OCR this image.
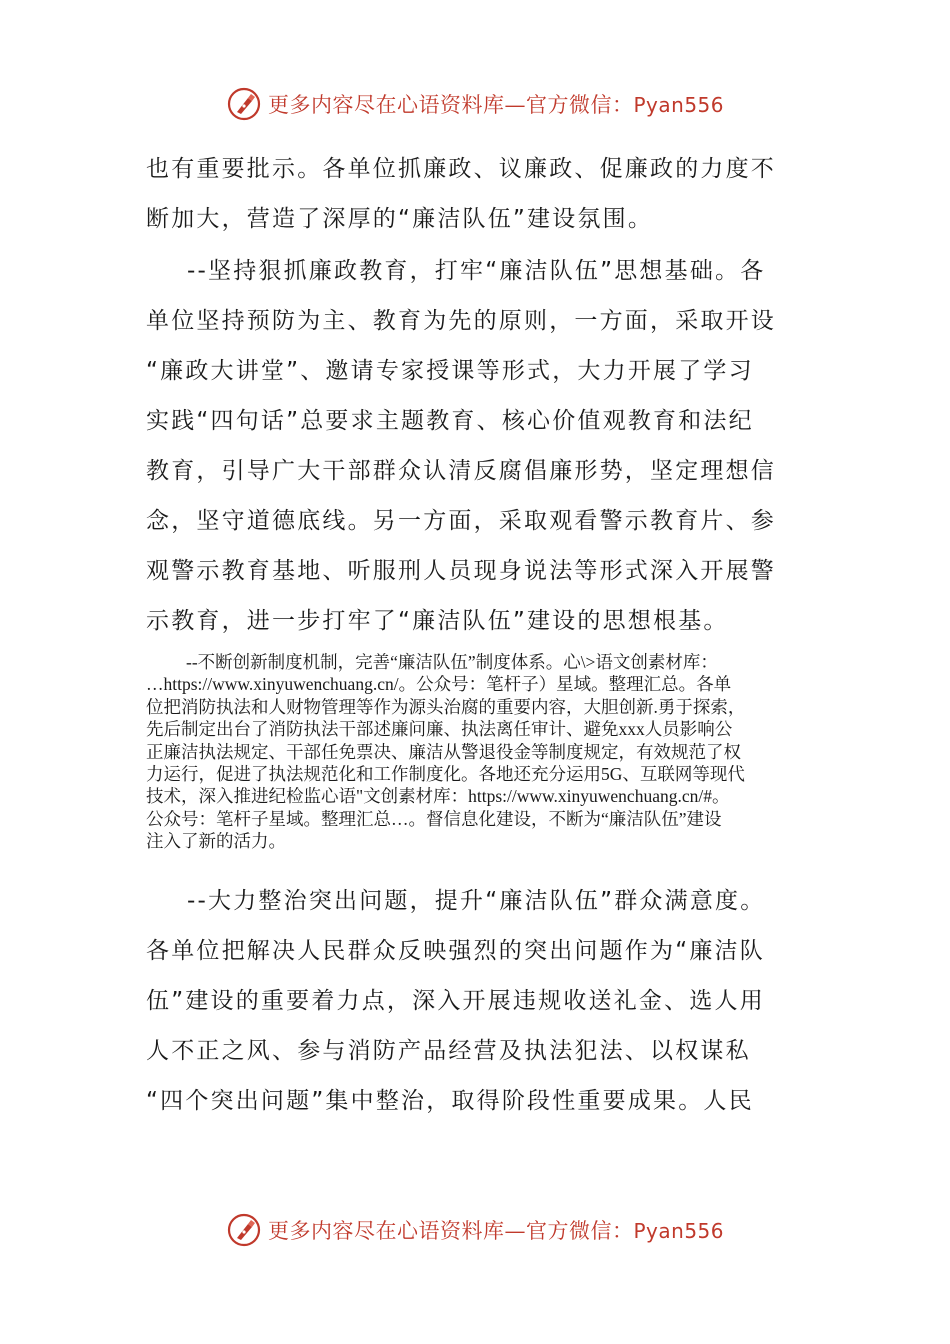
更多内容尽在心语资料库—官方微信：Pyan556
也有重要批示。各单位抓廉政、议廉政、促廉政的力度不
断加大，营造了深厚的“廉洁队伍”建设氛围。
--坚持狠抓廉政教育，打牢“廉洁队伍”思想基础。各
单位坚持预防为主、教育为先的原则，一方面，采取开设
“廉政大讲堂”、邀请专家授课等形式，大力开展了学习
实践“四句话”总要求主题教育、核心价值观教育和法纪
教育，引导广大干部群众认清反腐倡廉形势，坚定理想信
念，坚守道德底线。另一方面，采取观看警示教育片、参
观警示教育基地、听服刑人员现身说法等形式深入开展警
示教育，进一步打牢了“廉洁队伍”建设的思想根基。
--不断创新制度机制，完善“廉洁队伍”制度体系。心\>语文创素材库：
…https://www.xinyuwenchuang.cn/。公众号：笔杆子）星域。整理汇总。各单
位把消防执法和人财物管理等作为源头治腐的重要内容，大胆创新.勇于探索，
先后制定出台了消防执法干部述廉问廉、执法离任审计、避免xxx人员影响公
正廉洁执法规定、干部任免票决、廉洁从警退役金等制度规定，有效规范了权
力运行，促进了执法规范化和工作制度化。各地还充分运用5G、互联网等现代
技术，深入推进纪检监心语"文创素材库：https://www.xinyuwenchuang.cn/#。
公众号：笔杆子星域。整理汇总…。督信息化建设，不断为“廉洁队伍”建设
注入了新的活力。
--大力整治突出问题，提升“廉洁队伍”群众满意度。
各单位把解决人民群众反映强烈的突出问题作为“廉洁队
伍”建设的重要着力点，深入开展违规收送礼金、选人用
人不正之风、参与消防产品经营及执法犯法、以权谋私
“四个突出问题”集中整治，取得阶段性重要成果。人民
更多内容尽在心语资料库—官方微信：Pyan556
